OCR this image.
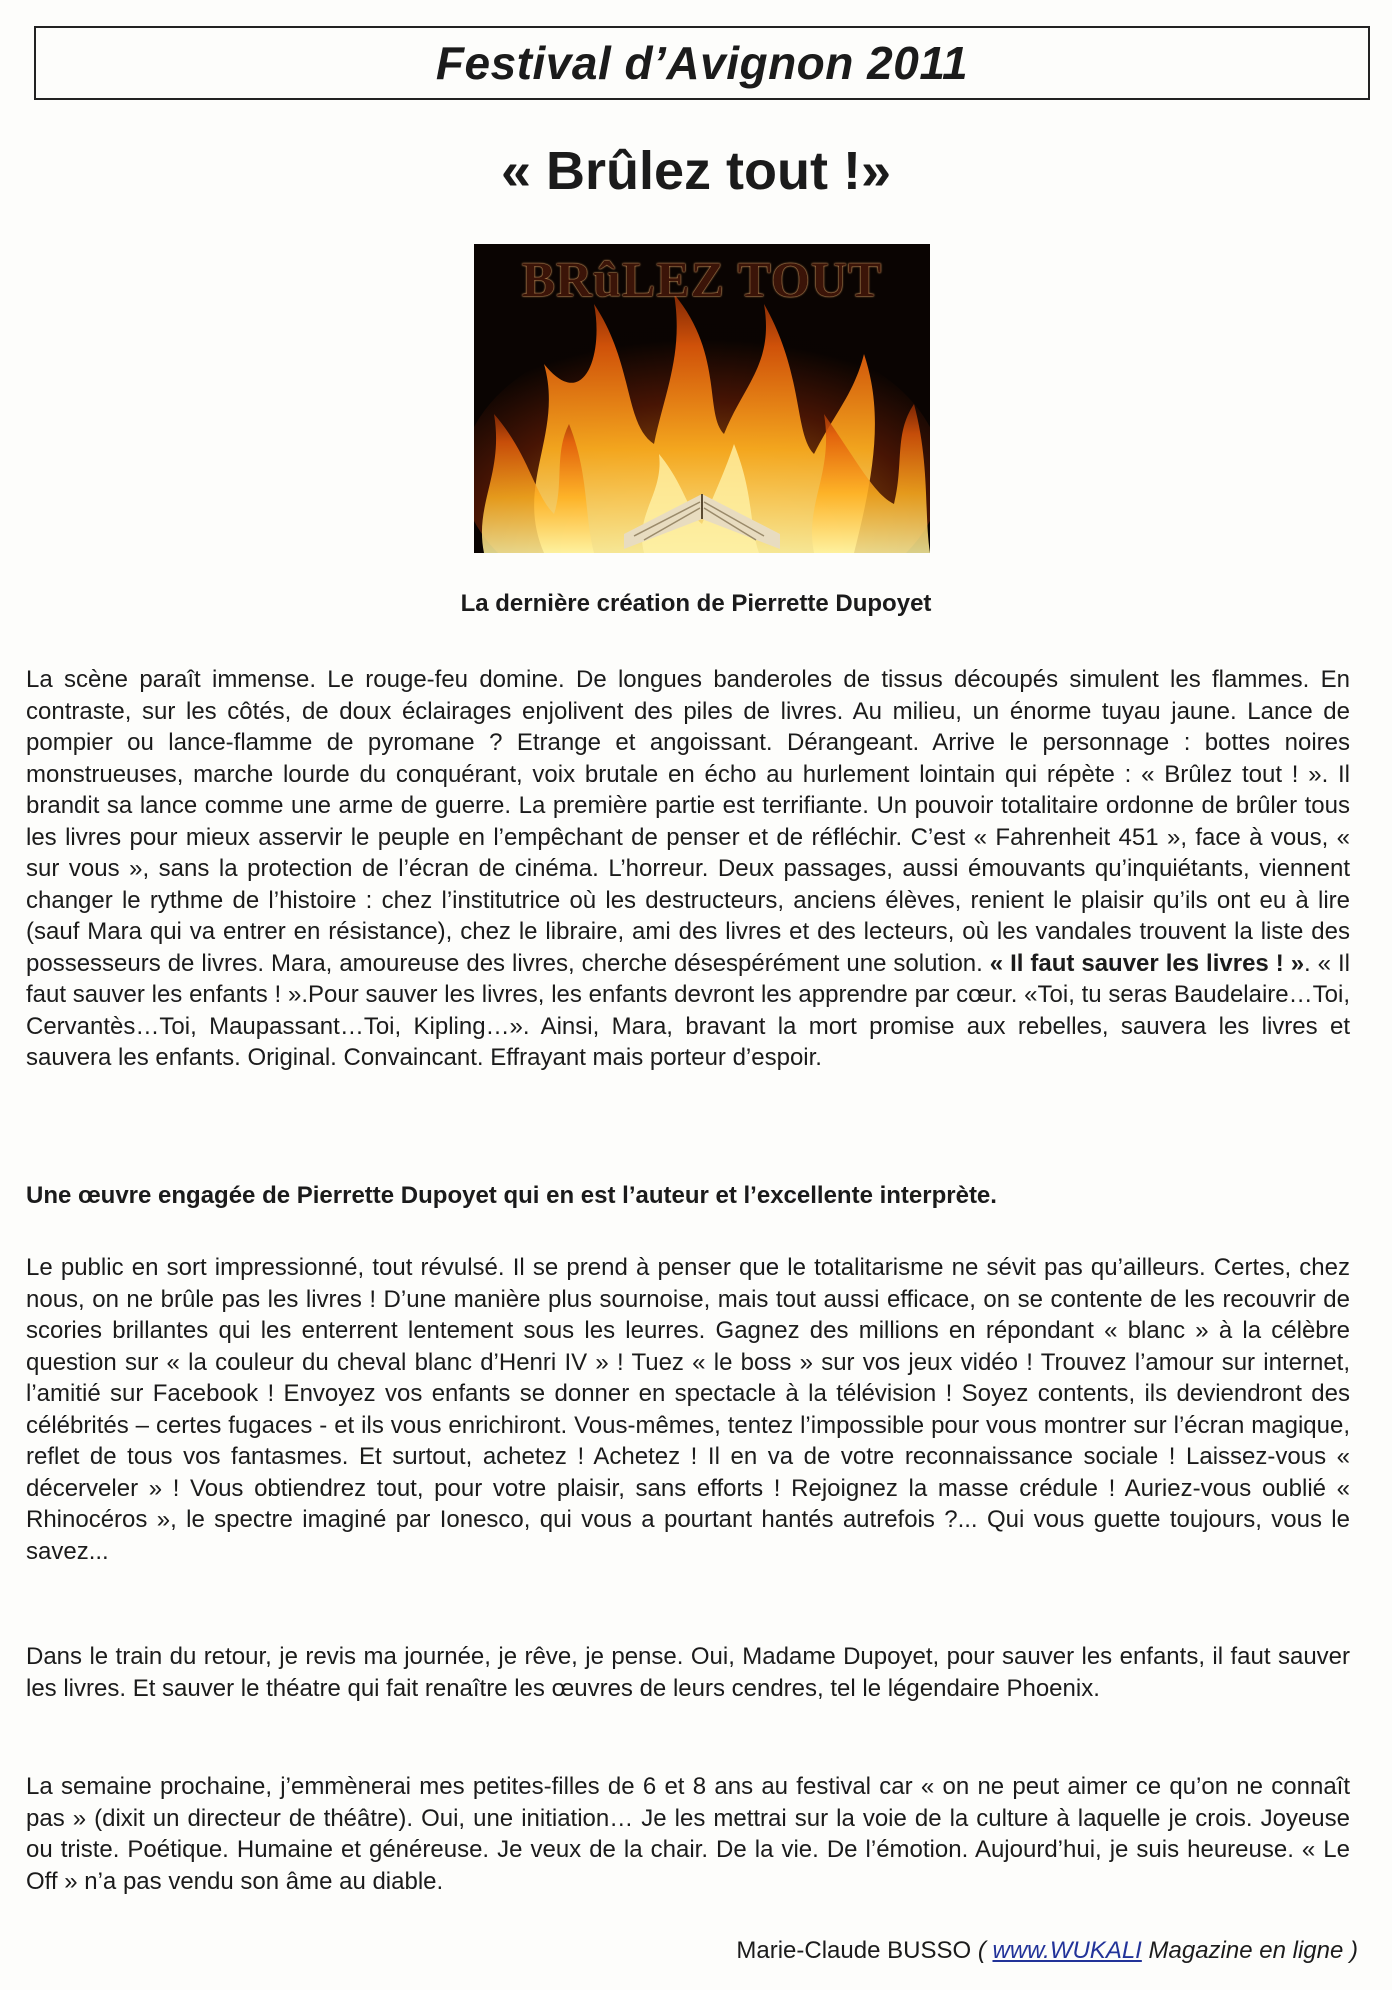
Festival d’Avignon 2011
« Brûlez tout !»
BRûLEZ TOUT
La dernière création de Pierrette Dupoyet
La scène paraît immense. Le rouge-feu domine. De longues banderoles de tissus découpés simulent les flammes. En contraste, sur les côtés, de doux éclairages enjolivent des piles de livres. Au milieu, un énorme tuyau jaune. Lance de pompier ou lance-flamme de pyromane ? Etrange et angoissant. Dérangeant. Arrive le personnage : bottes noires monstrueuses, marche lourde du conquérant, voix brutale en écho au hurlement lointain qui répète : « Brûlez tout ! ». Il brandit sa lance comme une arme de guerre. La première partie est terrifiante. Un pouvoir totalitaire ordonne de brûler tous les livres pour mieux asservir le peuple en l’empêchant de penser et de réfléchir. C’est « Fahrenheit 451 », face à vous, « sur vous », sans la protection de l’écran de cinéma. L’horreur. Deux passages, aussi émouvants qu’inquiétants, viennent changer le rythme de l’histoire : chez l’institutrice où les destructeurs, anciens élèves, renient le plaisir qu’ils ont eu à lire (sauf Mara qui va entrer en résistance), chez le libraire, ami des livres et des lecteurs, où les vandales trouvent la liste des possesseurs de livres. Mara, amoureuse des livres, cherche désespérément une solution. « Il faut sauver les livres ! ». « Il faut sauver les enfants ! ».Pour sauver les livres, les enfants devront les apprendre par cœur. «Toi, tu seras Baudelaire…Toi, Cervantès…Toi, Maupassant…Toi, Kipling…». Ainsi, Mara, bravant la mort promise aux rebelles, sauvera les livres et sauvera les enfants. Original. Convaincant. Effrayant mais porteur d’espoir.
Une œuvre engagée de Pierrette Dupoyet qui en est l’auteur et l’excellente interprète.
Le public en sort impressionné, tout révulsé. Il se prend à penser que le totalitarisme ne sévit pas qu’ailleurs. Certes, chez nous, on ne brûle pas les livres ! D’une manière plus sournoise, mais tout aussi efficace, on se contente de les recouvrir de scories brillantes qui les enterrent lentement sous les leurres. Gagnez des millions en répondant « blanc » à la célèbre question sur « la couleur du cheval blanc d’Henri IV » ! Tuez « le boss » sur vos jeux vidéo ! Trouvez l’amour sur internet, l’amitié sur Facebook ! Envoyez vos enfants se donner en spectacle à la télévision ! Soyez contents, ils deviendront des célébrités – certes fugaces - et ils vous enrichiront. Vous-mêmes, tentez l’impossible pour vous montrer sur l’écran magique, reflet de tous vos fantasmes. Et surtout, achetez ! Achetez ! Il en va de votre reconnaissance sociale ! Laissez-vous « décerveler » ! Vous obtiendrez tout, pour votre plaisir, sans efforts ! Rejoignez la masse crédule ! Auriez-vous oublié « Rhinocéros », le spectre imaginé par Ionesco, qui vous a pourtant hantés autrefois ?... Qui vous guette toujours, vous le savez...
Dans le train du retour, je revis ma journée, je rêve, je pense. Oui, Madame Dupoyet, pour sauver les enfants, il faut sauver les livres. Et sauver le théatre qui fait renaître les œuvres de leurs cendres, tel le légendaire Phoenix.
La semaine prochaine, j’emmènerai mes petites-filles de 6 et 8 ans au festival car « on ne peut aimer ce qu’on ne connaît pas » (dixit un directeur de théâtre). Oui, une initiation… Je les mettrai sur la voie de la culture à laquelle je crois. Joyeuse ou triste. Poétique. Humaine et généreuse. Je veux de la chair. De la vie. De l’émotion. Aujourd’hui, je suis heureuse. « Le Off » n’a pas vendu son âme au diable.
Marie-Claude BUSSO ( www.WUKALI Magazine en ligne )
